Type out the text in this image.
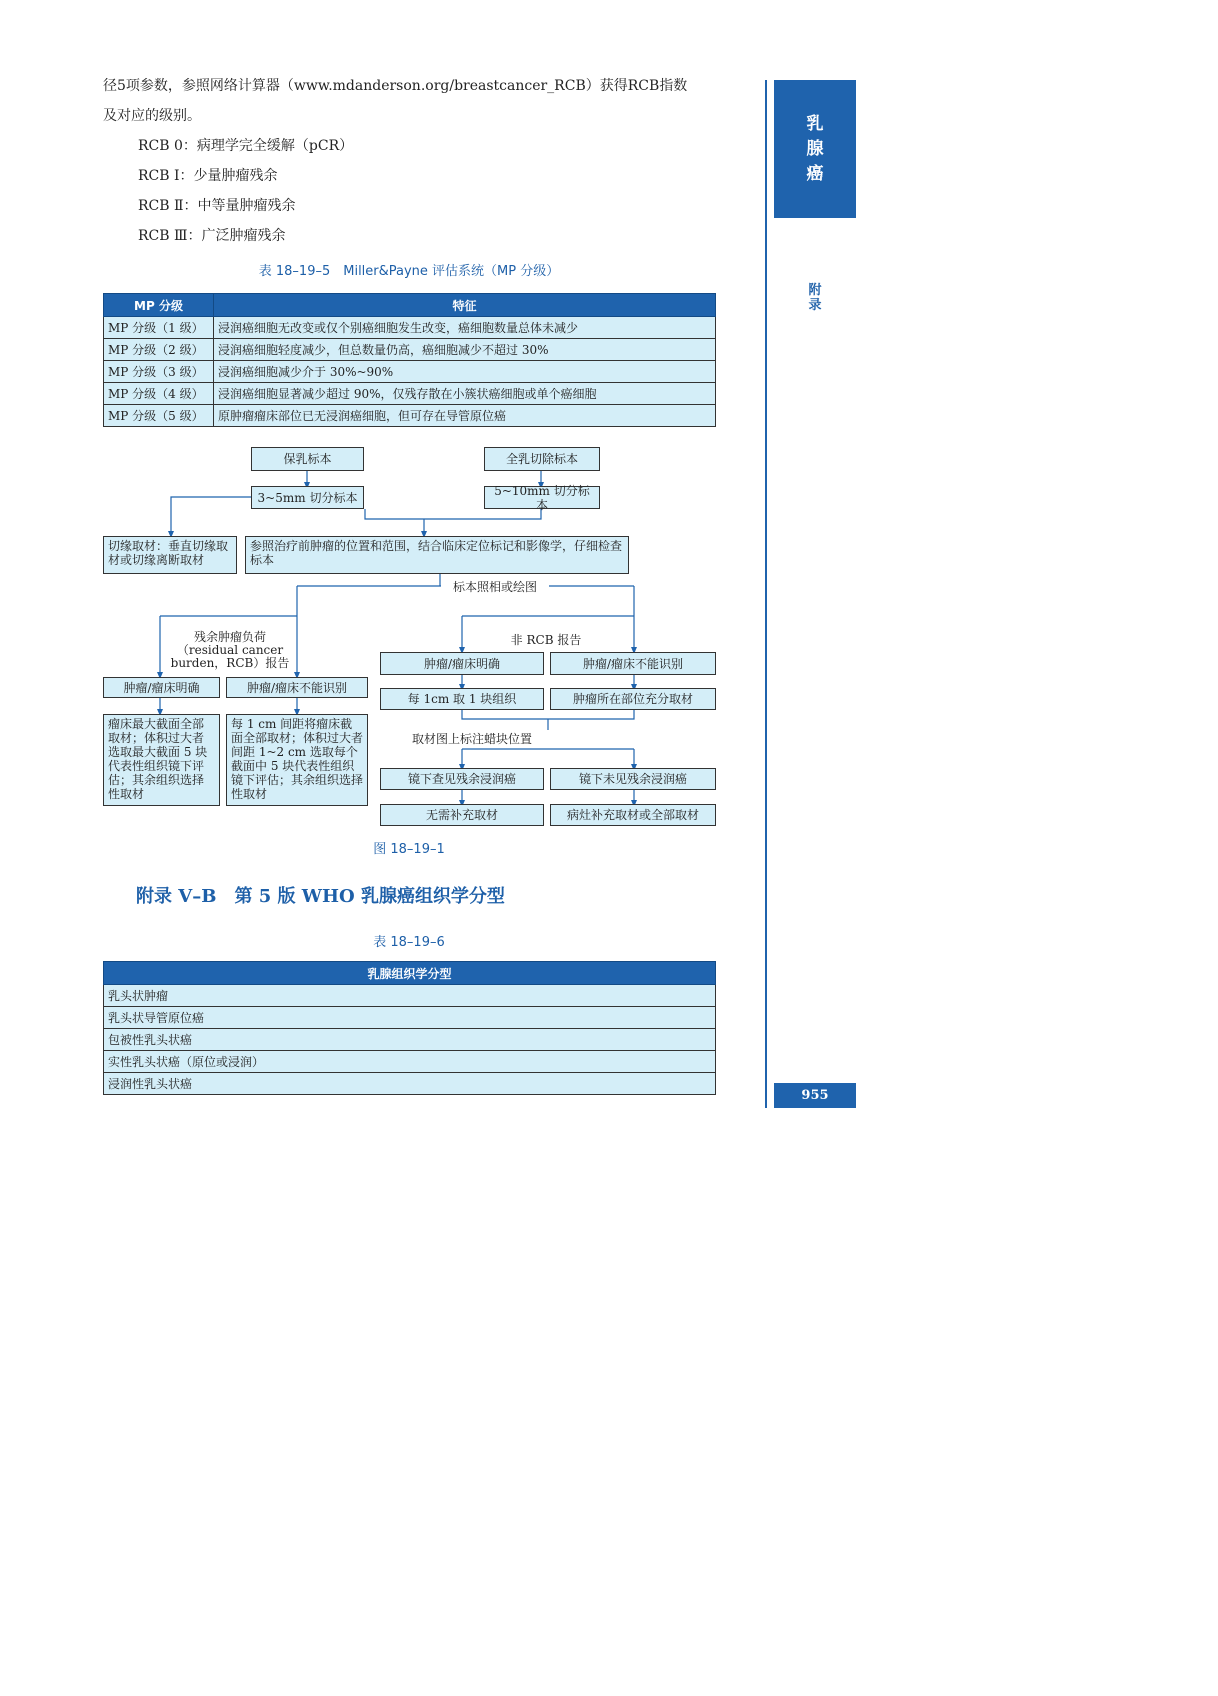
径5项参数，参照网络计算器（www.mdanderson.org/breastcancer_RCB）获得RCB指数
及对应的级别。
RCB 0：病理学完全缓解（pCR）
RCB Ⅰ：少量肿瘤残余
RCB Ⅱ：中等量肿瘤残余
RCB Ⅲ：广泛肿瘤残余
表 18–19–5　Miller&Payne 评估系统（MP 分级）
MP 分级	特征
MP 分级（1 级）	浸润癌细胞无改变或仅个别癌细胞发生改变，癌细胞数量总体未减少
MP 分级（2 级）	浸润癌细胞轻度减少，但总数量仍高，癌细胞减少不超过 30%
MP 分级（3 级）	浸润癌细胞减少介于 30%~90%
MP 分级（4 级）	浸润癌细胞显著减少超过 90%，仅残存散在小簇状癌细胞或单个癌细胞
MP 分级（5 级）	原肿瘤瘤床部位已无浸润癌细胞，但可存在导管原位癌
保乳标本	全乳切除标本
3~5mm 切分标本	5~10mm 切分标本
切缘取材：垂直切缘取材或切缘离断取材
参照治疗前肿瘤的位置和范围，结合临床定位标记和影像学，仔细检查标本
标本照相或绘图
残余肿瘤负荷（residual cancer burden，RCB）报告
非 RCB 报告
肿瘤/瘤床明确	肿瘤/瘤床不能识别
肿瘤/瘤床明确	肿瘤/瘤床不能识别
每 1cm 取 1 块组织	肿瘤所在部位充分取材
瘤床最大截面全部取材；体积过大者选取最大截面 5 块代表性组织镜下评估；其余组织选择性取材
每 1 cm 间距将瘤床截面全部取材；体积过大者间距 1~2 cm 选取每个截面中 5 块代表性组织镜下评估；其余组织选择性取材
取材图上标注蜡块位置
镜下查见残余浸润癌	镜下未见残余浸润癌
无需补充取材	病灶补充取材或全部取材
图 18–19–1
附录 V–B　第 5 版 WHO 乳腺癌组织学分型
表 18–19–6
乳腺组织学分型
乳头状肿瘤
乳头状导管原位癌
包被性乳头状癌
实性乳头状癌（原位或浸润）
浸润性乳头状癌
乳
腺
癌
附
录
955
